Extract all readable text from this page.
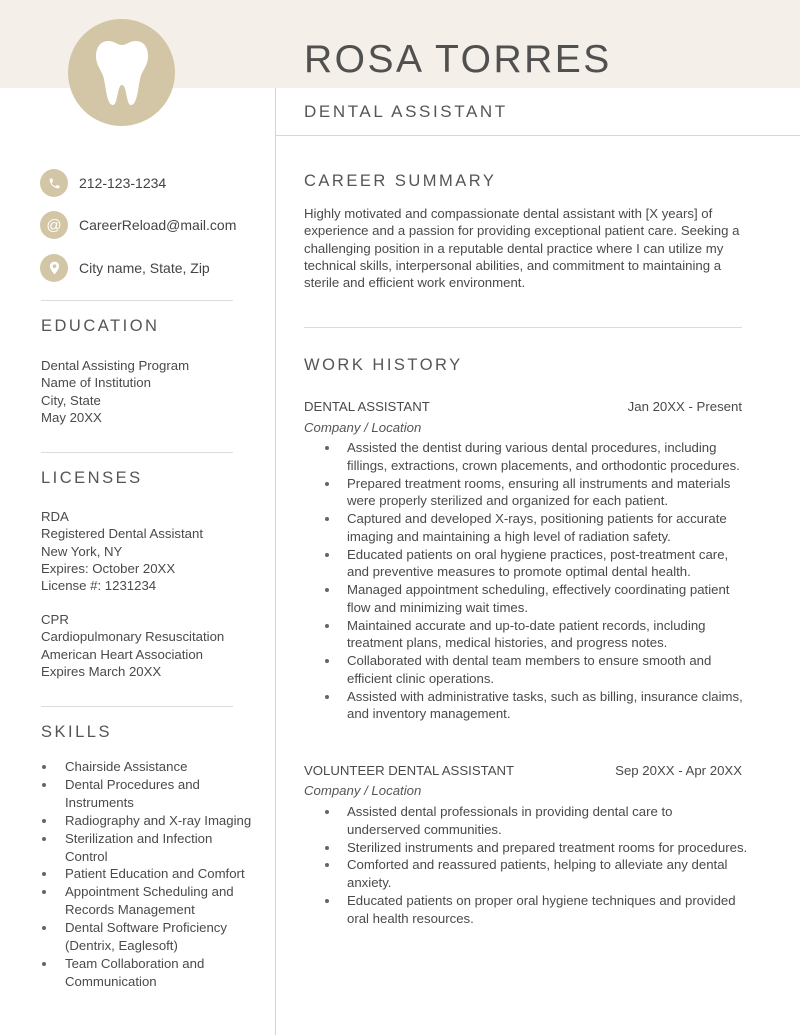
ROSA TORRES
DENTAL ASSISTANT
212-123-1234
@	CareerReload@mail.com
City name, State, Zip
EDUCATION
Dental Assisting Program
Name of Institution
City, State
May 20XX
LICENSES
RDA
Registered Dental Assistant
New York, NY
Expires: October 20XX
License #: 1231234
CPR
Cardiopulmonary Resuscitation
American Heart Association
Expires March 20XX
SKILLS
Chairside Assistance
Dental Procedures and Instruments
Radiography and X-ray Imaging
Sterilization and Infection Control
Patient Education and Comfort
Appointment Scheduling and Records Management
Dental Software Proficiency (Dentrix, Eaglesoft)
Team Collaboration and Communication
CAREER SUMMARY
Highly motivated and compassionate dental assistant with [X years] of experience and a passion for providing exceptional patient care. Seeking a challenging position in a reputable dental practice where I can utilize my technical skills, interpersonal abilities, and commitment to maintaining a sterile and efficient work environment.
WORK HISTORY
DENTAL ASSISTANT	Jan 20XX - Present
Company / Location
Assisted the dentist during various dental procedures, including fillings, extractions, crown placements, and orthodontic procedures.
Prepared treatment rooms, ensuring all instruments and materials were properly sterilized and organized for each patient.
Captured and developed X-rays, positioning patients for accurate imaging and maintaining a high level of radiation safety.
Educated patients on oral hygiene practices, post-treatment care, and preventive measures to promote optimal dental health.
Managed appointment scheduling, effectively coordinating patient flow and minimizing wait times.
Maintained accurate and up-to-date patient records, including treatment plans, medical histories, and progress notes.
Collaborated with dental team members to ensure smooth and efficient clinic operations.
Assisted with administrative tasks, such as billing, insurance claims, and inventory management.
VOLUNTEER DENTAL ASSISTANT	Sep 20XX - Apr 20XX
Company / Location
Assisted dental professionals in providing dental care to underserved communities.
Sterilized instruments and prepared treatment rooms for procedures.
Comforted and reassured patients, helping to alleviate any dental anxiety.
Educated patients on proper oral hygiene techniques and provided oral health resources.
